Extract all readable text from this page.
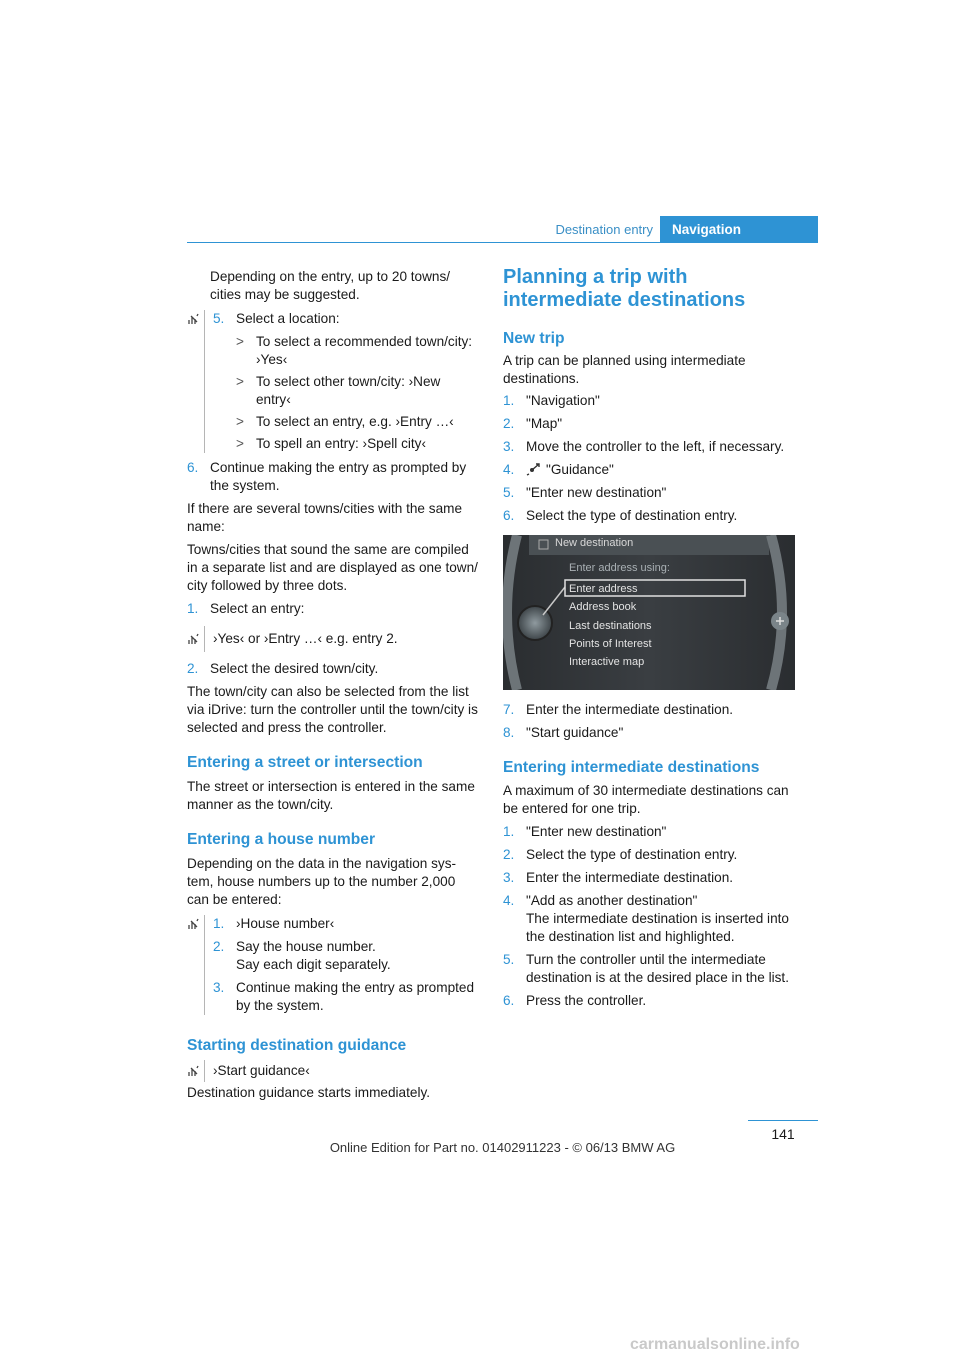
Destination entry	Navigation

Depending on the entry, up to 20 towns/
cities may be suggested.

5. Select a location:
> To select a recommended town/city:
›Yes‹
> To select other town/city: ›New
entry‹
> To select an entry, e.g. ›Entry …‹
> To spell an entry: ›Spell city‹
6. Continue making the entry as prompted by the system.

If there are several towns/cities with the same name:

Towns/cities that sound the same are compiled in a separate list and are displayed as one town/ city followed by three dots.

1. Select an entry:
›Yes‹ or ›Entry …‹ e.g. entry 2.
2. Select the desired town/city.

The town/city can also be selected from the list via iDrive: turn the controller until the town/city is selected and press the controller.

Entering a street or intersection

The street or intersection is entered in the same manner as the town/city.

Entering a house number

Depending on the data in the navigation sys-tem, house numbers up to the number 2,000 can be entered:

1. ›House number‹
2. Say the house number.
Say each digit separately.
3. Continue making the entry as prompted by the system.
Starting destination guidance
›Start guidance‹

Destination guidance starts immediately.

Planning a trip with
intermediate destinations
New trip

A trip can be planned using intermediate destinations.

1. "Navigation"
2. "Map"
3. Move the controller to the left, if necessary.
4. "Guidance"
5. "Enter new destination"
6. Select the type of destination entry.
New destination
Enter address using:
Enter address
Address book
Last destinations
Points of Interest
Interactive map
7. Enter the intermediate destination.
8. "Start guidance"
Entering intermediate destinations

A maximum of 30 intermediate destinations can be entered for one trip.

1. "Enter new destination"
2. Select the type of destination entry.
3. Enter the intermediate destination.
4. "Add as another destination"
The intermediate destination is inserted into the destination list and highlighted.
5. Turn the controller until the intermediate destination is at the desired place in the list.
6. Press the controller.
141
Online Edition for Part no. 01402911223 - © 06/13 BMW AG
carmanualsonline.info
